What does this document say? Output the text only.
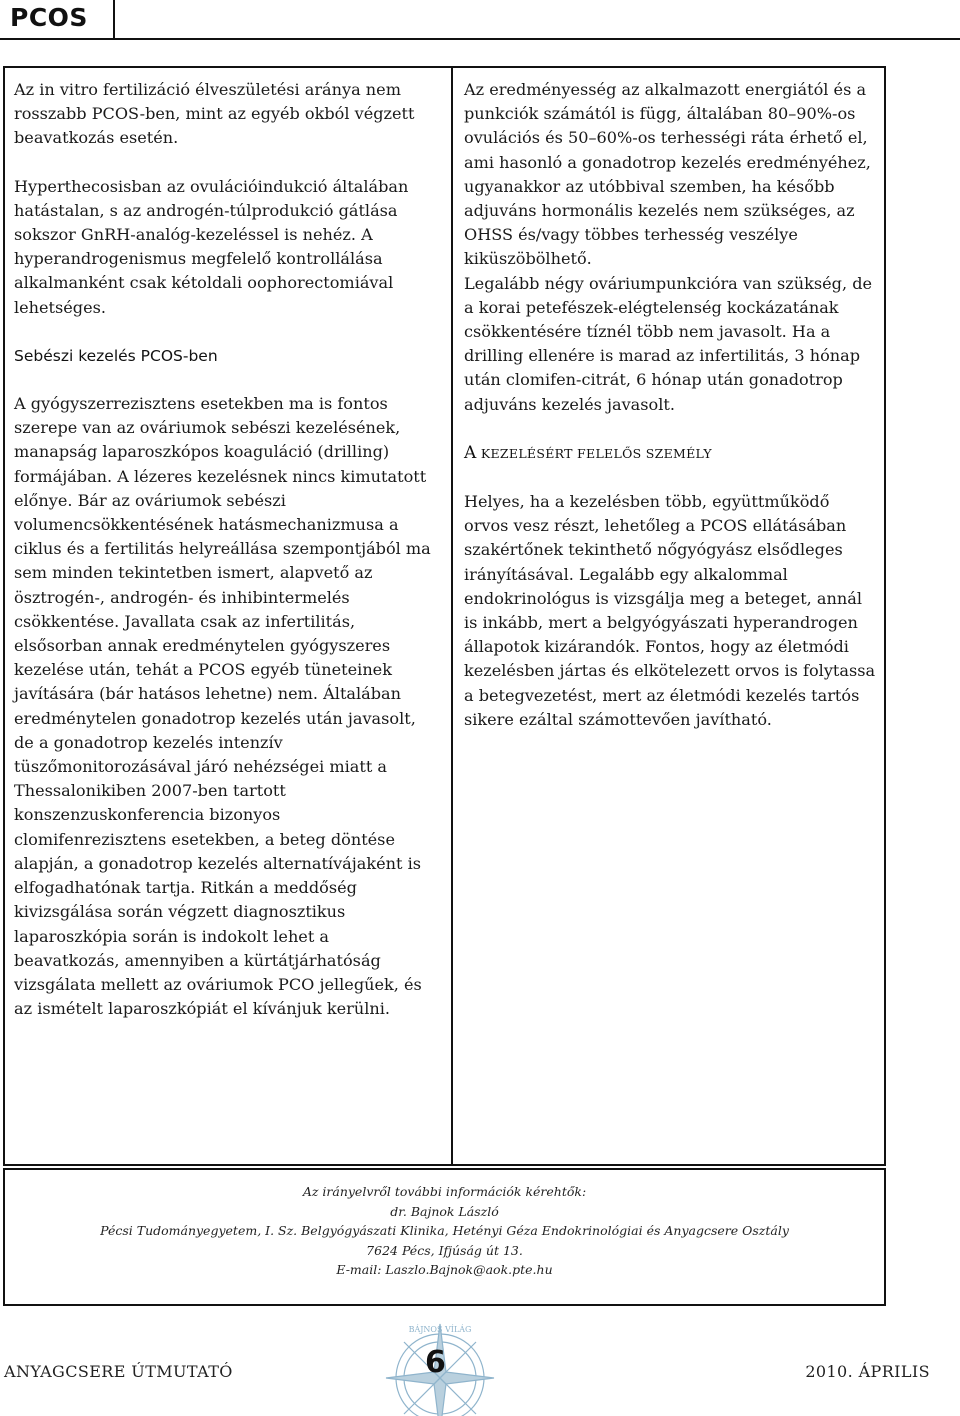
PCOS

Az in vitro fertilizáció élveszületési aránya nem rosszabb PCOS-ben, mint az egyéb okból végzett beavatkozás esetén.

Hyperthecosisban az ovulációindukció általában hatástalan, s az androgén-túlprodukció gátlása sokszor GnRH-analóg-kezeléssel is nehéz. A hyperandrogenismus megfelelő kontrollálása alkalmanként csak kétoldali oophorectomiával lehetséges.

Sebészi kezelés PCOS-ben

A gyógyszerrezisztens esetekben ma is fontos szerepe van az ováriumok sebészi kezelésének, manapság laparoszkópos koaguláció (drilling) formájában. A lézeres kezelésnek nincs kimutatott előnye. Bár az ováriumok sebészi volumencsökkentésének hatásmechanizmusa a ciklus és a fertilitás helyreállása szempontjából ma sem minden tekintetben ismert, alapvető az ösztrogén-, androgén- és inhibintermelés csökkentése. Javallata csak az infertilitás, elsősorban annak eredménytelen gyógyszeres kezelése után, tehát a PCOS egyéb tüneteinek javítására (bár hatásos lehetne) nem. Általában eredménytelen gonadotrop kezelés után javasolt, de a gonadotrop kezelés intenzív tüszőmonitorozásával járó nehézségei miatt a Thessalonikiben 2007-ben tartott konszenzuskonferencia bizonyos clomifenrezisztens esetekben, a beteg döntése alapján, a gonadotrop kezelés alternatívájaként is elfogadhatónak tartja. Ritkán a meddőség kivizsgálása során végzett diagnosztikus laparoszkópia során is indokolt lehet a beavatkozás, amennyiben a kürtátjárhatóság vizsgálata mellett az ováriumok PCO jellegűek, és az ismételt laparoszkópiát el kívánjuk kerülni.

Az eredményesség az alkalmazott energiától és a punkciók számától is függ, általában 80–90%-os ovulációs és 50–60%-os terhességi ráta érhető el, ami hasonló a gonadotrop kezelés eredményéhez, ugyanakkor az utóbbival szemben, ha később adjuváns hormonális kezelés nem szükséges, az OHSS és/vagy többes terhesség veszélye kiküszöbölhető.

Legalább négy ováriumpunkcióra van szükség, de a korai petefészek-elégtelenség kockázatának csökkentésére tíznél több nem javasolt. Ha a drilling ellenére is marad az infertilitás, 3 hónap után clomifen-citrát, 6 hónap után gonadotrop adjuváns kezelés javasolt.

A KEZELÉSÉRT FELELŐS SZEMÉLY

Helyes, ha a kezelésben több, együttműködő orvos vesz részt, lehetőleg a PCOS ellátásában szakértőnek tekinthető nőgyógyász elsődleges irányításával. Legalább egy alkalommal endokrinológus is vizsgálja meg a beteget, annál is inkább, mert a belgyógyászati hyperandrogen állapotok kizárandók. Fontos, hogy az életmódi kezelésben jártas és elkötelezett orvos is folytassa a betegvezetést, mert az életmódi kezelés tartós sikere ezáltal számottevően javítható.

Az irányelvről további információk kérehtők:
dr. Bajnok László
Pécsi Tudományegyetem, I. Sz. Belgyógyászati Klinika, Hetényi Géza Endokrinológiai és Anyagcsere Osztály
7624 Pécs, Ifjúság út 13.
E-mail: Laszlo.Bajnok@aok.pte.hu
BÁJNOS VÍLÁG
ANYAGCSERE ÚTMUTATÓ	6	2010. ÁPRILIS
